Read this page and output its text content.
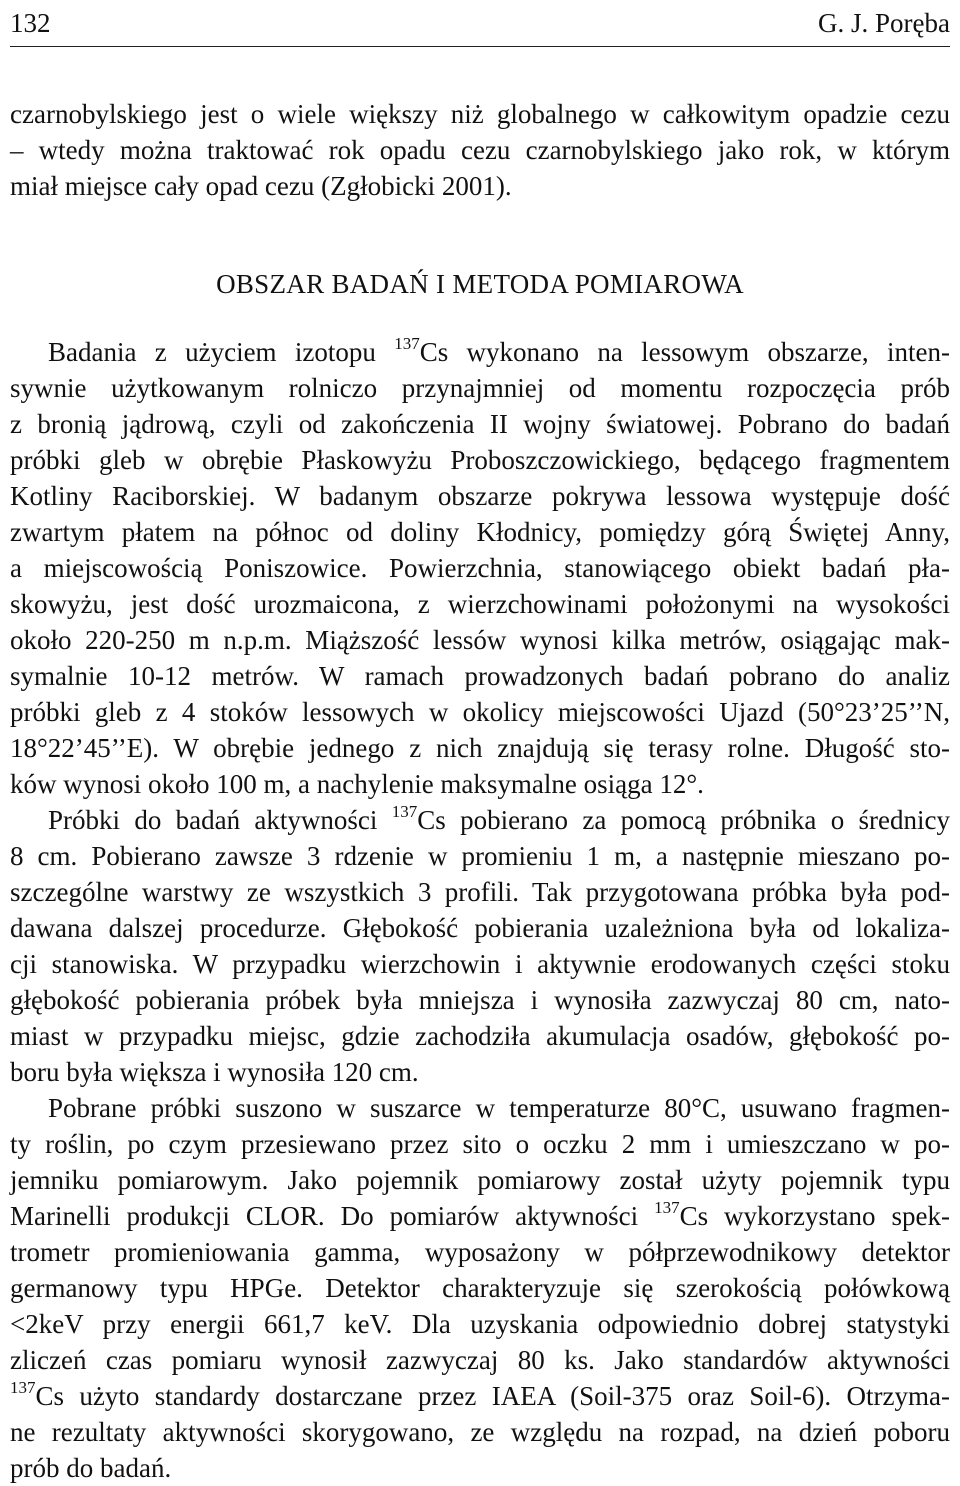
132	G. J. Poręba
czarnobylskiego jest o wiele większy niż globalnego w całkowitym opadzie cezu
– wtedy można traktować rok opadu cezu czarnobylskiego jako rok, w którym
miał miejsce cały opad cezu (Zgłobicki 2001).
OBSZAR BADAŃ I METODA POMIAROWA
Badania z użyciem izotopu $^{137}$Cs wykonano na lessowym obszarze, inten-
sywnie użytkowanym rolniczo przynajmniej od momentu rozpoczęcia prób
z bronią jądrową, czyli od zakończenia II wojny światowej. Pobrano do badań
próbki gleb w obrębie Płaskowyżu Proboszczowickiego, będącego fragmentem
Kotliny Raciborskiej. W badanym obszarze pokrywa lessowa występuje dość
zwartym płatem na północ od doliny Kłodnicy, pomiędzy górą Świętej Anny,
a miejscowością Poniszowice. Powierzchnia, stanowiącego obiekt badań pła-
skowyżu, jest dość urozmaicona, z wierzchowinami położonymi na wysokości
około 220-250 m n.p.m. Miąższość lessów wynosi kilka metrów, osiągając mak-
symalnie 10-12 metrów. W ramach prowadzonych badań pobrano do analiz
próbki gleb z 4 stoków lessowych w okolicy miejscowości Ujazd (50°23’25’’N,
18°22’45’’E). W obrębie jednego z nich znajdują się terasy rolne. Długość sto-
ków wynosi około 100 m, a nachylenie maksymalne osiąga 12°.
Próbki do badań aktywności $^{137}$Cs pobierano za pomocą próbnika o średnicy
8 cm. Pobierano zawsze 3 rdzenie w promieniu 1 m, a następnie mieszano po-
szczególne warstwy ze wszystkich 3 profili. Tak przygotowana próbka była pod-
dawana dalszej procedurze. Głębokość pobierania uzależniona była od lokaliza-
cji stanowiska. W przypadku wierzchowin i aktywnie erodowanych części stoku
głębokość pobierania próbek była mniejsza i wynosiła zazwyczaj 80 cm, nato-
miast w przypadku miejsc, gdzie zachodziła akumulacja osadów, głębokość po-
boru była większa i wynosiła 120 cm.
Pobrane próbki suszono w suszarce w temperaturze 80°C, usuwano fragmen-
ty roślin, po czym przesiewano przez sito o oczku 2 mm i umieszczano w po-
jemniku pomiarowym. Jako pojemnik pomiarowy został użyty pojemnik typu
Marinelli produkcji CLOR. Do pomiarów aktywności $^{137}$Cs wykorzystano spek-
trometr promieniowania gamma, wyposażony w półprzewodnikowy detektor
germanowy typu HPGe. Detektor charakteryzuje się szerokością połówkową
<2keV przy energii 661,7 keV. Dla uzyskania odpowiednio dobrej statystyki
zliczeń czas pomiaru wynosił zazwyczaj 80 ks. Jako standardów aktywności
$^{137}$Cs użyto standardy dostarczane przez IAEA (Soil-375 oraz Soil-6). Otrzyma-
ne rezultaty aktywności skorygowano, ze względu na rozpad, na dzień poboru
prób do badań.
